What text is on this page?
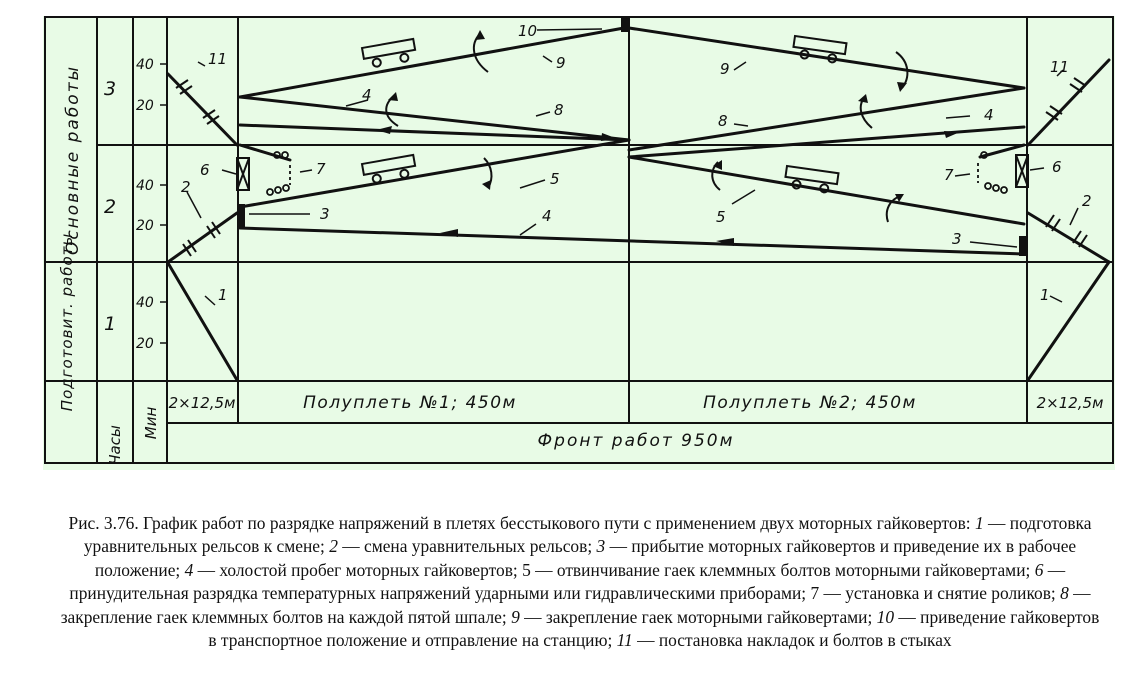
Основные работы
Подготовит. работы
3
2
1
40
20
40
20
40
20
Часы
Мин
2×12,5м	Полуплеть №1; 450м	Полуплеть №2; 450м	2×12,5м
Фронт работ 950м
1	1
2
2
3
3
4
4
4
5
5
6	6
7	7
8
8
9	9
10
11	11
Рис. 3.76. График работ по разрядке напряжений в плетях бесстыкового пути с применением двух моторных гайковертов: 1 — подготовка уравнительных рельсов к смене; 2 — смена уравнительных рельсов; 3 — прибытие моторных гайковертов и приведение их в рабочее положение; 4 — холостой пробег моторных гайковертов; 5 — отвинчивание гаек клеммных болтов моторными гайковертами; 6 — принудительная разрядка температурных напряжений ударными или гидравлическими приборами; 7 — установка и снятие роликов; 8 — закрепление гаек клеммных болтов на каждой пятой шпале; 9 — закрепление гаек моторными гайковертами; 10 — приведение гайковертов в транспортное положение и отправление на станцию; 11 — постановка накладок и болтов в стыках
